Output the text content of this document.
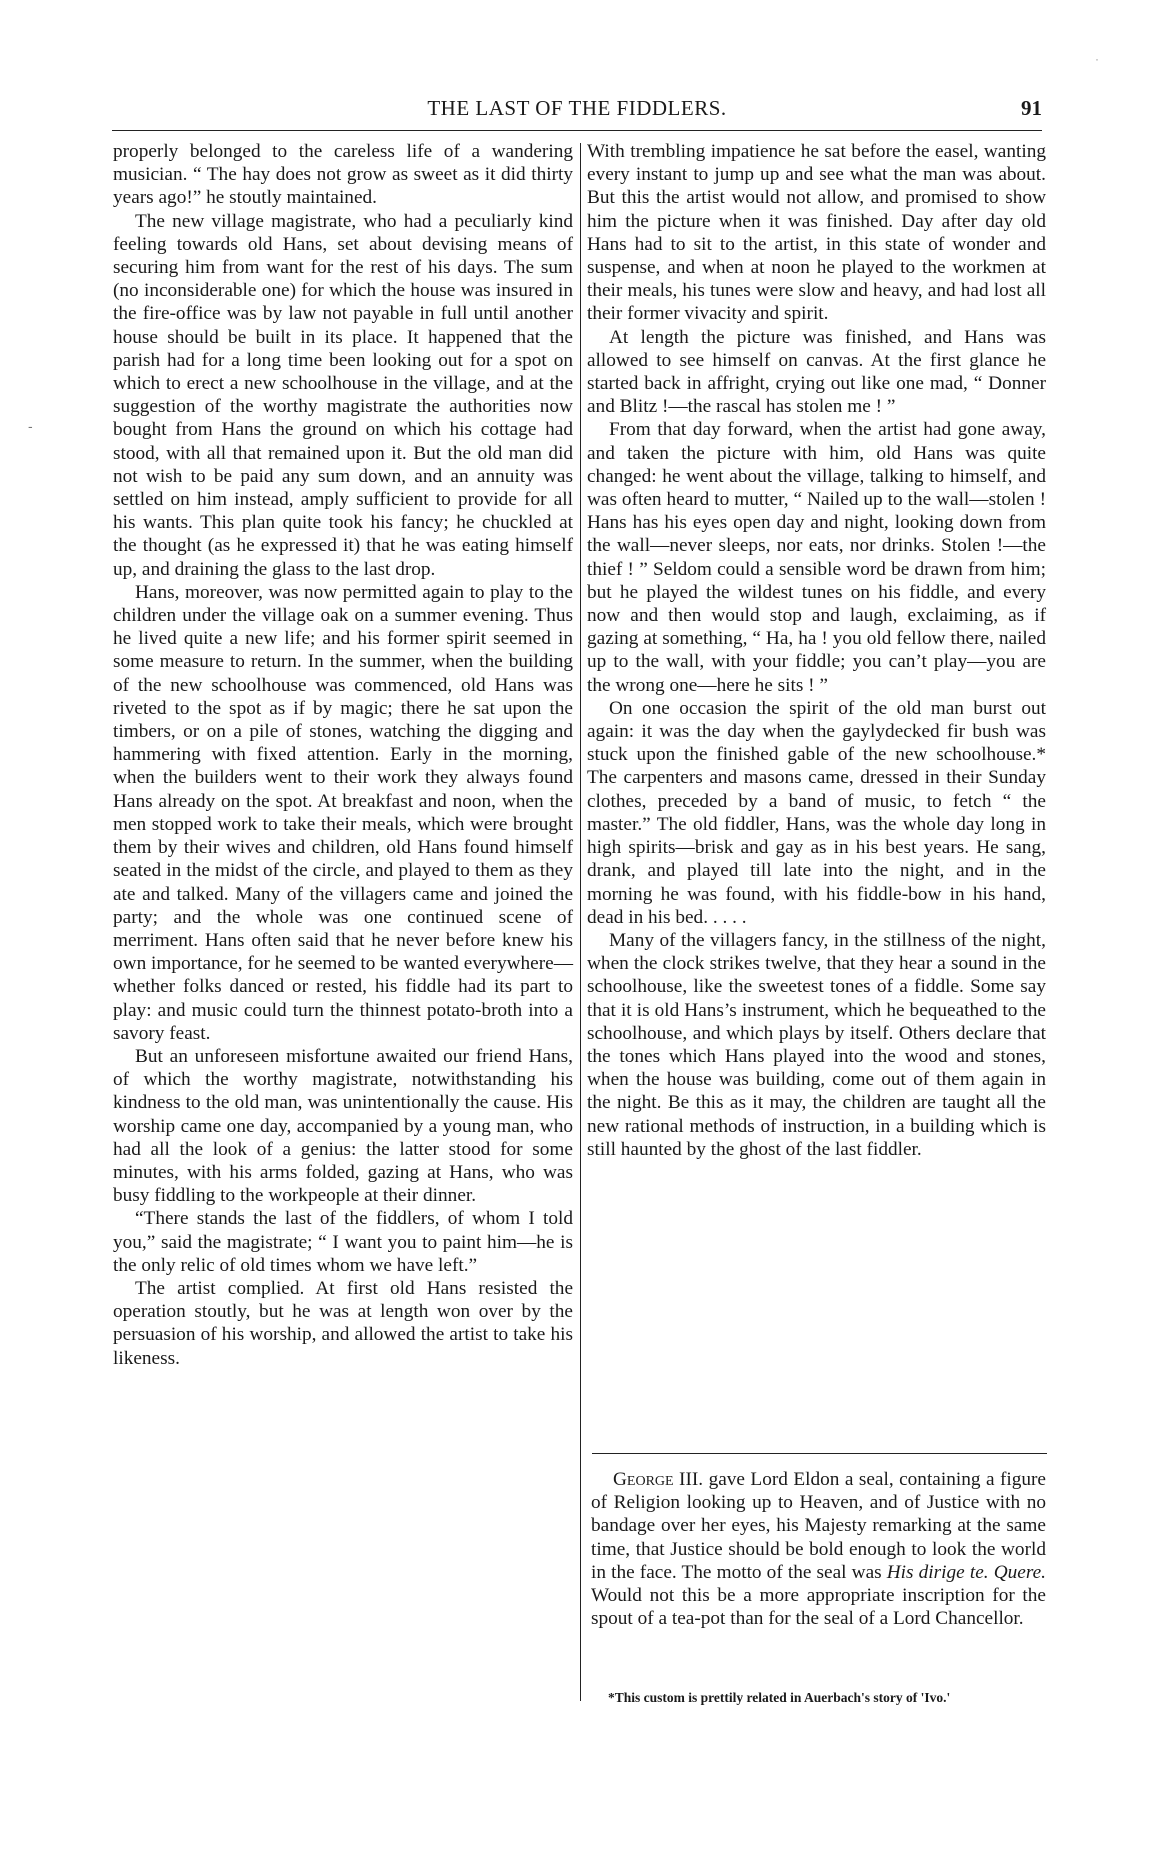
THE LAST OF THE FIDDLERS.	91
-
·

properly belonged to the careless life of a wandering musician. “ The hay does not grow as sweet as it did thirty years ago!” he stoutly maintained.

The new village magistrate, who had a peculiarly kind feeling towards old Hans, set about devising means of securing him from want for the rest of his days. The sum (no inconsiderable one) for which the house was insured in the fire-office was by law not payable in full until another house should be built in its place. It happened that the parish had for a long time been looking out for a spot on which to erect a new schoolhouse in the village, and at the suggestion of the worthy magistrate the authorities now bought from Hans the ground on which his cottage had stood, with all that remained upon it. But the old man did not wish to be paid any sum down, and an annuity was settled on him instead, amply sufficient to provide for all his wants. This plan quite took his fancy; he chuckled at the thought (as he expressed it) that he was eating himself up, and draining the glass to the last drop.

Hans, moreover, was now permitted again to play to the children under the village oak on a summer evening. Thus he lived quite a new life; and his former spirit seemed in some measure to return. In the summer, when the building of the new schoolhouse was commenced, old Hans was riveted to the spot as if by magic; there he sat upon the timbers, or on a pile of stones, watching the digging and hammering with fixed attention. Early in the morning, when the builders went to their work they always found Hans already on the spot. At breakfast and noon, when the men stopped work to take their meals, which were brought them by their wives and children, old Hans found himself seated in the midst of the circle, and played to them as they ate and talked. Many of the villagers came and joined the party; and the whole was one continued scene of merriment. Hans often said that he never before knew his own importance, for he seemed to be wanted everywhere—whether folks danced or rested, his fiddle had its part to play: and music could turn the thinnest potato-broth into a savory feast.

But an unforeseen misfortune awaited our friend Hans, of which the worthy magistrate, notwithstanding his kindness to the old man, was unintentionally the cause. His worship came one day, accompanied by a young man, who had all the look of a genius: the latter stood for some minutes, with his arms folded, gazing at Hans, who was busy fiddling to the workpeople at their dinner.

“There stands the last of the fiddlers, of whom I told you,” said the magistrate; “ I want you to paint him—he is the only relic of old times whom we have left.”

The artist complied. At first old Hans resisted the operation stoutly, but he was at length won over by the persuasion of his worship, and allowed the artist to take his likeness.

With trembling impatience he sat before the easel, wanting every instant to jump up and see what the man was about. But this the artist would not allow, and promised to show him the picture when it was finished. Day after day old Hans had to sit to the artist, in this state of wonder and suspense, and when at noon he played to the workmen at their meals, his tunes were slow and heavy, and had lost all their former vivacity and spirit.

At length the picture was finished, and Hans was allowed to see himself on canvas. At the first glance he started back in affright, crying out like one mad, “ Donner and Blitz !—the rascal has stolen me ! ”

From that day forward, when the artist had gone away, and taken the picture with him, old Hans was quite changed: he went about the village, talking to himself, and was often heard to mutter, “ Nailed up to the wall—stolen ! Hans has his eyes open day and night, looking down from the wall—never sleeps, nor eats, nor drinks. Stolen !—the thief ! ” Seldom could a sensible word be drawn from him; but he played the wildest tunes on his fiddle, and every now and then would stop and laugh, exclaiming, as if gazing at something, “ Ha, ha ! you old fellow there, nailed up to the wall, with your fiddle; you can’t play—you are the wrong one—here he sits ! ”

On one occasion the spirit of the old man burst out again: it was the day when the gaylydecked fir bush was stuck upon the finished gable of the new schoolhouse.* The carpenters and masons came, dressed in their Sunday clothes, preceded by a band of music, to fetch “ the master.” The old fiddler, Hans, was the whole day long in high spirits—brisk and gay as in his best years. He sang, drank, and played till late into the night, and in the morning he was found, with his fiddle-bow in his hand, dead in his bed. . . . .

Many of the villagers fancy, in the stillness of the night, when the clock strikes twelve, that they hear a sound in the schoolhouse, like the sweetest tones of a fiddle. Some say that it is old Hans’s instrument, which he bequeathed to the schoolhouse, and which plays by itself. Others declare that the tones which Hans played into the wood and stones, when the house was building, come out of them again in the night. Be this as it may, the children are taught all the new rational methods of instruction, in a building which is still haunted by the ghost of the last fiddler.

George III. gave Lord Eldon a seal, containing a figure of Religion looking up to Heaven, and of Justice with no bandage over her eyes, his Majesty remarking at the same time, that Justice should be bold enough to look the world in the face. The motto of the seal was His dirige te. Quere. Would not this be a more appropriate inscription for the spout of a tea-pot than for the seal of a Lord Chancellor.

*This custom is prettily related in Auerbach's story of 'Ivo.'
